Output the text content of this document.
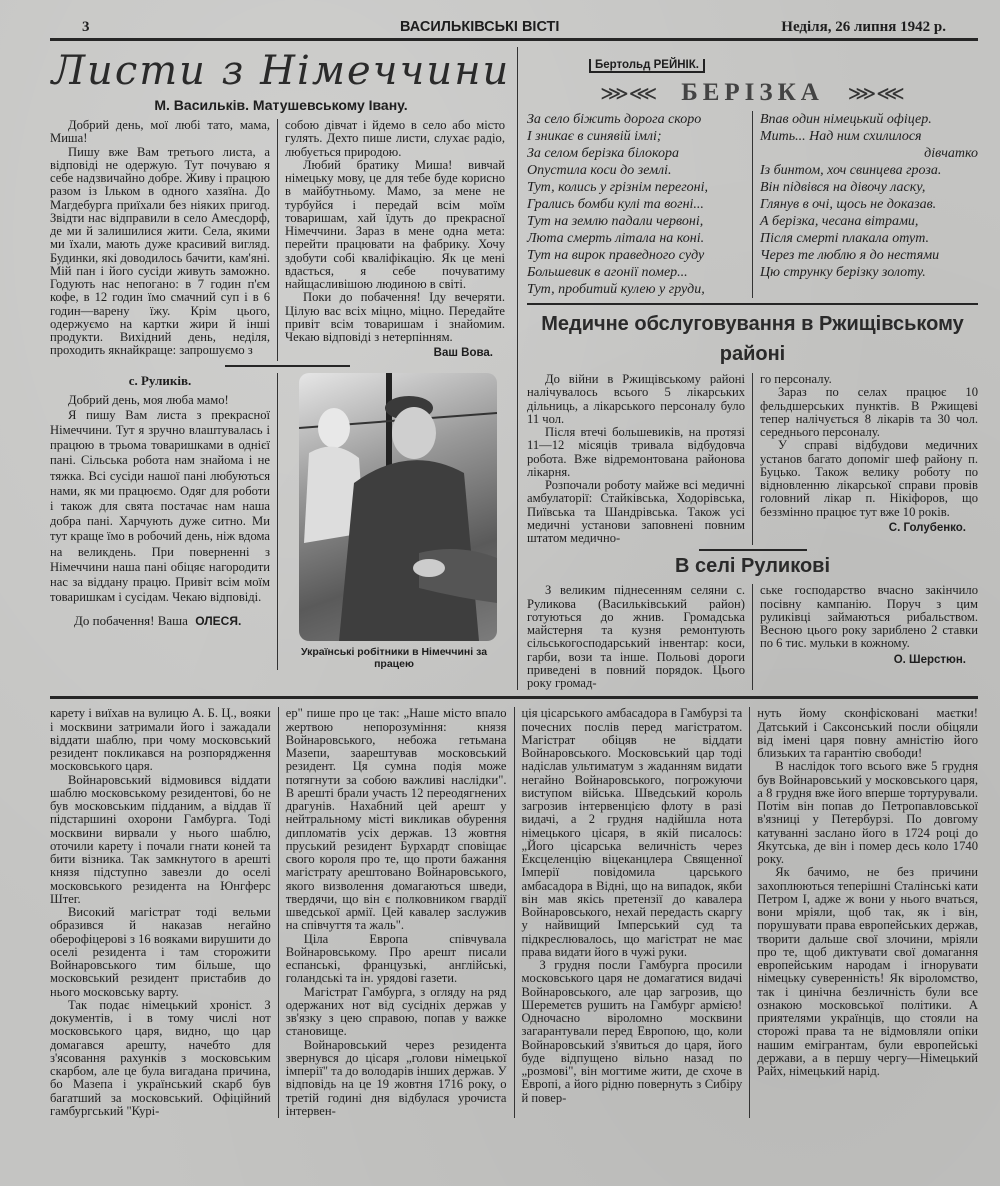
3	ВАСИЛЬКІВСЬКІ ВІСТІ	Неділя, 26 липня 1942 р.
Листи з Німеччини
М. Васильків. Матушевському Івану.

Добрий день, мої любі тато, мама, Миша!

Пишу вже Вам третього листа, а відповіді не одержую. Тут почуваю я себе надзвичайно добре. Живу і працюю разом із Ільком в одного хазяїна. До Магдебурга приїхали без ніяких пригод. Звідти нас відправили в село Амесдорф, де ми й залишилися жити. Села, якими ми їхали, мають дуже красивий вигляд. Будинки, які доводилось бачити, кам'яні. Мій пан і його сусіди живуть заможно. Годують нас непогано: в 7 годин п'єм кофе, в 12 годин їмо смачний суп і в 6 годин—варену їжу. Крім цього, одержуємо на картки жири й інші продукти. Вихідний день, неділя, проходить якнайкраще: запрошуємо з

собою дівчат і йдемо в село або місто гулять. Дехто пише листи, слухає радіо, любується природою.

Любий братику Миша! вивчай німецьку мову, це для тебе буде корисно в майбутньому. Мамо, за мене не турбуйся і передай всім моїм товаришам, хай їдуть до прекрасної Німеччини. Зараз в мене одна мета: перейти працювати на фабрику. Хочу здобути собі кваліфікацію. Як це мені вдасться, я себе почуватиму найщасливішою людиною в світі.

Поки до побачення! Іду вечеряти. Цілую вас всіх міцно, міцно. Передайте привіт всім товаришам і знайомим. Чекаю відповіді з нетерпінням.

Ваш Вова.
с. Руликів.

Добрий день, моя люба мамо!

Я пишу Вам листа з прекрасної Німеччини. Тут я зручно влаштувалась і працюю в трьома товаришками в однієї пані. Сільська робота нам знайома і не тяжка. Всі сусіди нашої пані любуються нами, як ми працюємо. Одяг для роботи і також для свята постачає нам наша добра пані. Харчують дуже ситно. Ми тут краще їмо в робочий день, ніж вдома на великдень. При поверненні з Німеччини наша пані обіцяє нагородити нас за віддану працю. Привіт всім моїм товаришкам і сусідам. Чекаю відповіді.

До побачення! Ваша ОЛЕСЯ.
Українські робітники в Німеччині за працею
Бертольд РЕЙНІК.
⋙⋘ БЕРІЗКА ⋙⋘
За село біжить дорога скоро
І зникає в синявій імлі;
За селом берізка білокора
Опустила коси до землі.
Тут, колись у грізнім перегоні,
Грались бомби кулі та вогні...
Тут на землю падали червоні,
Люта смерть літала на коні.
Тут на вирок праведного суду
Большевик в агонії помер...
Тут, пробитий кулею у груди,
Впав один німецький офіцер.
Мить... Над ним схилилося
дівчатко
Із бинтом, хоч свинцева гроза.
Він підвівся на дівочу ласку,
Глянув в очі, щось не доказав.
А берізка, чесана вітрами,
Після смерті плакала отут.
Через те люблю я до нестями
Цю струнку берізку золоту.
Медичне обслуговування в Ржищівському
районі

До війни в Ржищівському районі налічувалось всього 5 лікарських дільниць, а лікарського персоналу було 11 чол.

Після втечі большевиків, на протязі 11—12 місяців тривала відбудовча робота. Вже відремонтована районова лікарня.

Розпочали роботу майже всі медичні амбулаторії: Стайківська, Ходорівська, Пиївська та Шандрівська. Також усі медичні установи заповнені повним штатом медично-

го персоналу.

Зараз по селах працює 10 фельдшерських пунктів. В Ржищеві тепер налічується 8 лікарів та 30 чол. середнього персоналу.

У справі відбудови медичних установ багато допоміг шеф району п. Буцько. Також велику роботу по відновленню лікарської справи провів головний лікар п. Нікіфоров, що беззмінно працює тут вже 10 років.

С. Голубенко.
В селі Руликові

З великим піднесенням селяни с. Руликова (Васильківський район) готуються до жнив. Громадська майстерня та кузня ремонтують сільськогосподарський інвентар: коси, гарби, вози та інше. Польові дороги приведені в повний порядок. Цього року громад-

ське господарство вчасно закінчило посівну кампанію. Поруч з цим руликівці займаються рибальством. Весною цього року зариблено 2 ставки по 6 тис. мульки в кожному.

О. Шерстюн.

карету і виїхав на вулицю А. Б. Ц., вояки і москвини затримали його і зажадали віддати шаблю, при чому московський резидент покликався на розпорядження московського царя.

Войнаровський відмовився віддати шаблю московському резидентові, бо не був московським підданим, а віддав її підстаршині охорони Гамбурга. Тоді москвини вирвали у нього шаблю, оточили карету і почали гнати коней та бити візника. Так замкнутого в арешті князя підступно завезли до оселі московського резидента на Юнгферс Штег.

Високий магістрат тоді вельми образився й наказав негайно оберофіцерові з 16 вояками вирушити до оселі резидента і там сторожити Войнаровського тим більше, що московський резидент пристабив до нього московську варту.

Так подає німецький хроніст. З документів, і в тому числі нот московського царя, видно, що цар домагався арешту, начебто для з'ясовання рахунків з московським скарбом, але це була вигадана причина, бо Мазепа і український скарб був багатший за московський. Офіційний гамбургський "Курі-

ер" пише про це так: „Наше місто впало жертвою непорозуміння: князя Войнаровського, небожа гетьмана Мазепи, заарештував московський резидент. Ця сумна подія може потягнути за собою важливі наслідки". В арешті брали участь 12 переодягнених драгунів. Нахабний цей арешт у нейтральному місті викликав обурення дипломатів усіх держав. 13 жовтня пруський резидент Бурхардт сповіщає свого короля про те, що проти бажання магістрату арештовано Войнаровського, якого визволення домагаються шведи, твердячи, що він є полковником гвардії шведської армії. Цей кавалер заслужив на співчуття та жаль".

Ціла Европа співчувала Войнаровському. Про арешт писали еспанські, французькі, англійські, голандські та ін. урядові газети.

Магістрат Гамбурга, з огляду на ряд одержаних нот від сусідніх держав у зв'язку з цею справою, попав у важке становище.

Войнаровський через резидента звернувся до цісаря „голови німецької імперії" та до володарів інших держав. У відповідь на це 19 жовтня 1716 року, о третій годині дня відбулася урочиста інтервен-

ція цісарського амбасадора в Гамбурзі та почесних послів перед магістратом. Магістрат обіцяв не віддати Войнаровського. Московський цар тоді надіслав ультиматум з жаданням видати негайно Войнаровського, погрожуючи виступом війська. Шведський король загрозив інтервенцією флоту в разі видачі, а 2 грудня надійшла нота німецького цісаря, в якій писалось: „Його цісарська величність через Ексцеленцію віцеканцлера Священної Імперії повідомила царського амбасадора в Відні, що на випадок, якби він мав якісь претензії до кавалера Войнаровського, нехай передасть скаргу у найвищий Імперський суд та підкреслювалось, що магістрат не має права видати його в чужі руки.

З грудня посли Гамбурга просили московського царя не домагатися видачі Войнаровського, але цар загрозив, що Шереметєв рушить на Гамбург армією! Одночасно віроломно москвини загарантували перед Европою, що, коли Войнаровський з'явиться до царя, його буде відпущено вільно назад по „розмові", він могтиме жити, де схоче в Европі, а його рідню повернуть з Сибіру й повер-

нуть йому сконфісковані маєтки! Датський і Саксонський посли обіцяли від імені царя повну амністію його близьких та гарантію свободи!

В наслідок того всього вже 5 грудня був Войнаровський у московського царя, а 8 грудня вже його вперше тортурували. Потім він попав до Петропавловської в'язниці у Петербурзі. По довгому катуванні заслано його в 1724 році до Якутська, де він і помер десь коло 1740 року.

Як бачимо, не без причини захоплюються теперішні Сталінські кати Петром І, адже ж вони у нього вчаться, вони мріяли, щоб так, як і він, порушувати права европейських держав, творити дальше свої злочини, мріяли про те, щоб диктувати свої домагання европейським народам і ігнорувати німецьку суверенність! Як віроломство, так і цинічна безличність були все ознакою московської політики. А приятелями українців, що стояли на сторожі права та не відмовляли опіки нашим емігрантам, були европейські держави, а в першу чергу—Німецький Райх, німецький нарід.
